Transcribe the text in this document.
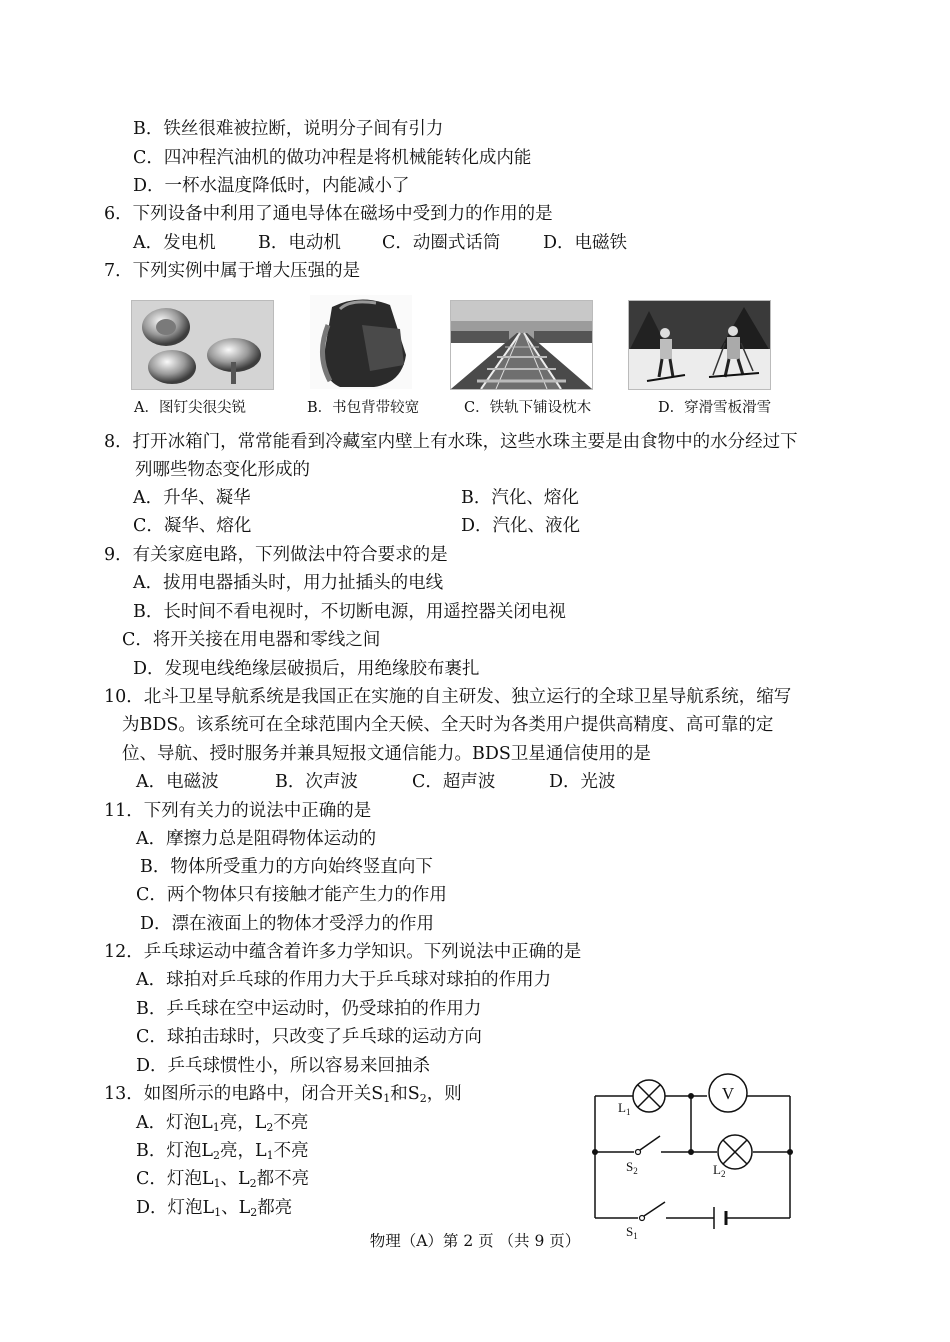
B．铁丝很难被拉断，说明分子间有引力
C．四冲程汽油机的做功冲程是将机械能转化成内能
D．一杯水温度降低时，内能减小了
6．下列设备中利用了通电导体在磁场中受到力的作用的是
A．发电机 B．电动机 C．动圈式话筒 D．电磁铁
7．下列实例中属于增大压强的是
A．图钉尖很尖锐	B．书包背带较宽	C．铁轨下铺设枕木	D．穿滑雪板滑雪
8．打开冰箱门，常常能看到冷藏室内壁上有水珠，这些水珠主要是由食物中的水分经过下
列哪些物态变化形成的
A．升华、凝华	B．汽化、熔化
C．凝华、熔化	D．汽化、液化
9．有关家庭电路，下列做法中符合要求的是
A．拔用电器插头时，用力扯插头的电线
B．长时间不看电视时，不切断电源，用遥控器关闭电视
C．将开关接在用电器和零线之间
D．发现电线绝缘层破损后，用绝缘胶布裹扎
10．北斗卫星导航系统是我国正在实施的自主研发、独立运行的全球卫星导航系统，缩写
为BDS。该系统可在全球范围内全天候、全天时为各类用户提供高精度、高可靠的定
位、导航、授时服务并兼具短报文通信能力。BDS卫星通信使用的是
A．电磁波	B．次声波	C．超声波	D．光波
11．下列有关力的说法中正确的是
A．摩擦力总是阻碍物体运动的
B．物体所受重力的方向始终竖直向下
C．两个物体只有接触才能产生力的作用
D．漂在液面上的物体才受浮力的作用
12．乒乓球运动中蕴含着许多力学知识。下列说法中正确的是
A．球拍对乒乓球的作用力大于乒乓球对球拍的作用力
B．乒乓球在空中运动时，仍受球拍的作用力
C．球拍击球时，只改变了乒乓球的运动方向
D．乒乓球惯性小，所以容易来回抽杀
13．如图所示的电路中，闭合开关$S_1$和$S_2$，则
A．灯泡$L_1$亮，$L_2$不亮
B．灯泡$L_2$亮，$L_1$不亮
C．灯泡$L_1$、$L_2$都不亮
D．灯泡$L_1$、$L_2$都亮
V
$L_1$
$L_2$
$S_2$
$S_1$
物理（A）第 2 页 （共 9 页）
